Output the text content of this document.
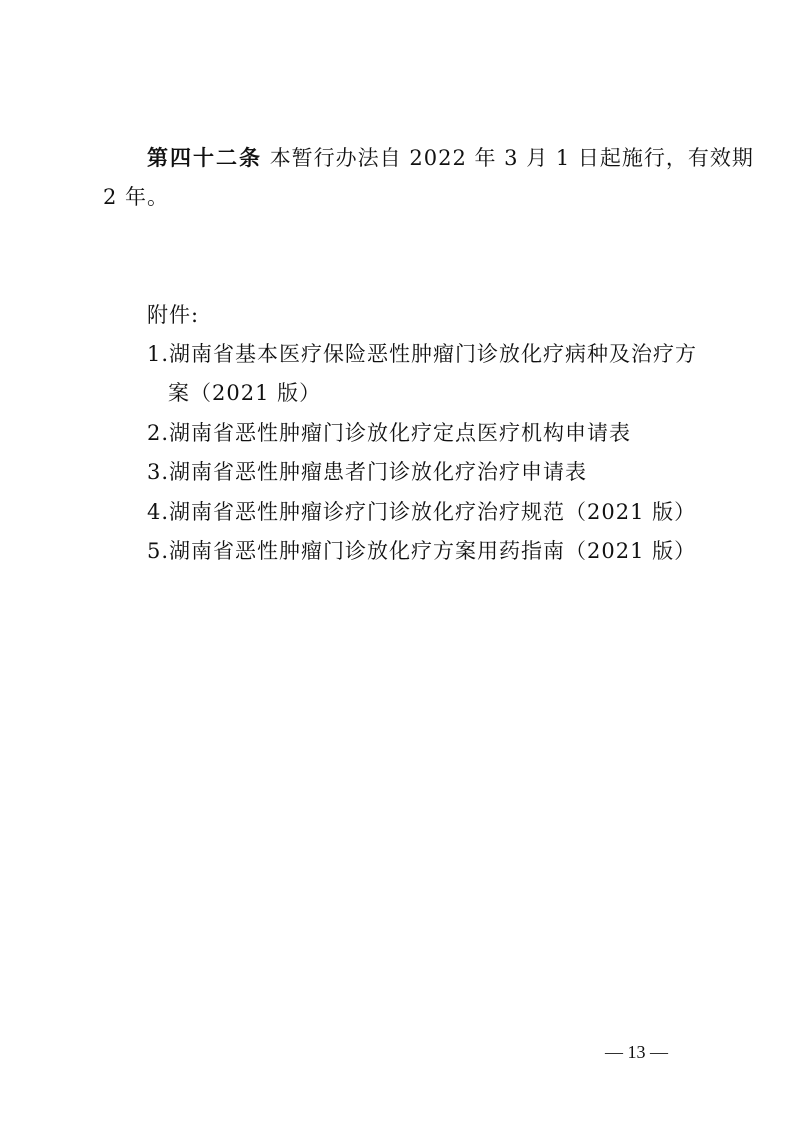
第四十二条 本暂行办法自 2022 年 3 月 1 日起施行，有效期
2 年。
附件:
1.湖南省基本医疗保险恶性肿瘤门诊放化疗病种及治疗方
案（2021 版）
2.湖南省恶性肿瘤门诊放化疗定点医疗机构申请表
3.湖南省恶性肿瘤患者门诊放化疗治疗申请表
4.湖南省恶性肿瘤诊疗门诊放化疗治疗规范（2021 版）
5.湖南省恶性肿瘤门诊放化疗方案用药指南（2021 版）
— 13 —
